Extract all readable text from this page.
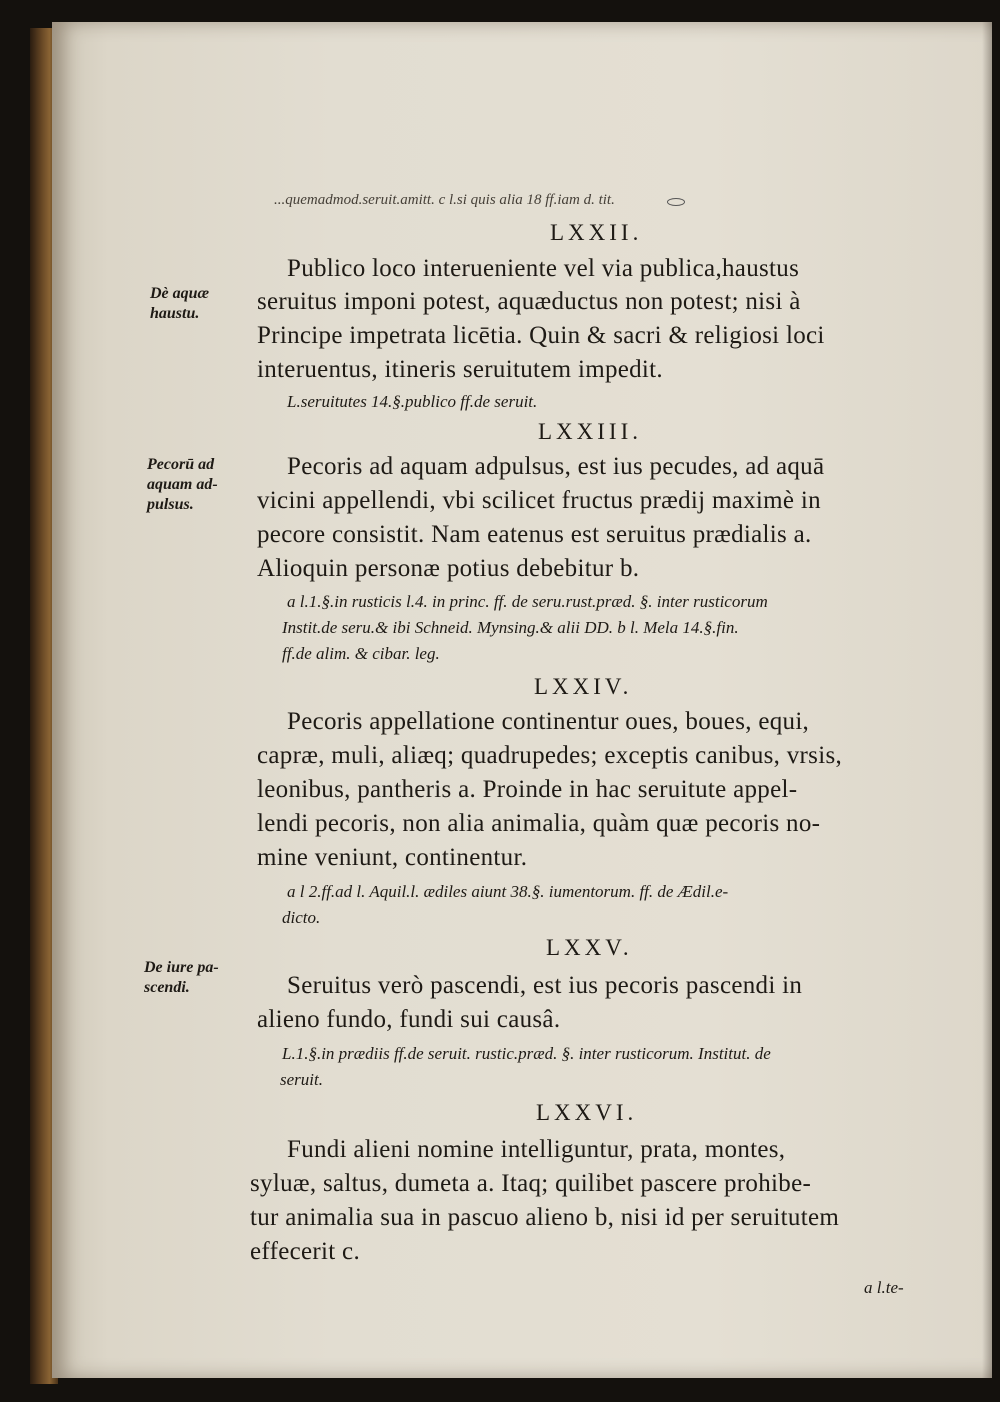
...quemadmod.seruit.amitt. c l.si quis alia 18 ff.iam d. tit.
LXXII.
Publico loco interueniente vel via publica,haustus
seruitus imponi potest, aquæductus non potest; nisi à
Principe impetrata licētia. Quin & sacri & religiosi loci
interuentus, itineris seruitutem impedit.
L.seruitutes 14.§.publico ff.de seruit.
Dè aquæ
haustu.
LXXIII.
Pecoris ad aquam adpulsus, est ius pecudes, ad aquā
vicini appellendi, vbi scilicet fructus prædij maximè in
pecore consistit. Nam eatenus est seruitus prædialis a.
Alioquin personæ potius debebitur b.
a l.1.§.in rusticis l.4. in princ. ff. de seru.rust.præd. §. inter rusticorum
Instit.de seru.& ibi Schneid. Mynsing.& alii DD. b l. Mela 14.§.fin.
ff.de alim. & cibar. leg.
Pecorū ad
aquam ad-
pulsus.
LXXIV.
Pecoris appellatione continentur oues, boues, equi,
capræ, muli, aliæq; quadrupedes; exceptis canibus, vrsis,
leonibus, pantheris a. Proinde in hac seruitute appel-
lendi pecoris, non alia animalia, quàm quæ pecoris no-
mine veniunt, continentur.
a l 2.ff.ad l. Aquil.l. ædiles aiunt 38.§. iumentorum. ff. de Ædil.e-
dicto.
LXXV.
Seruitus verò pascendi, est ius pecoris pascendi in
alieno fundo, fundi sui causâ.
L.1.§.in prædiis ff.de seruit. rustic.præd. §. inter rusticorum. Institut. de
seruit.
De iure pa-
scendi.
LXXVI.
Fundi alieni nomine intelliguntur, prata, montes,
syluæ, saltus, dumeta a. Itaq; quilibet pascere prohibe-
tur animalia sua in pascuo alieno b, nisi id per seruitutem
effecerit c.
a l.te-
